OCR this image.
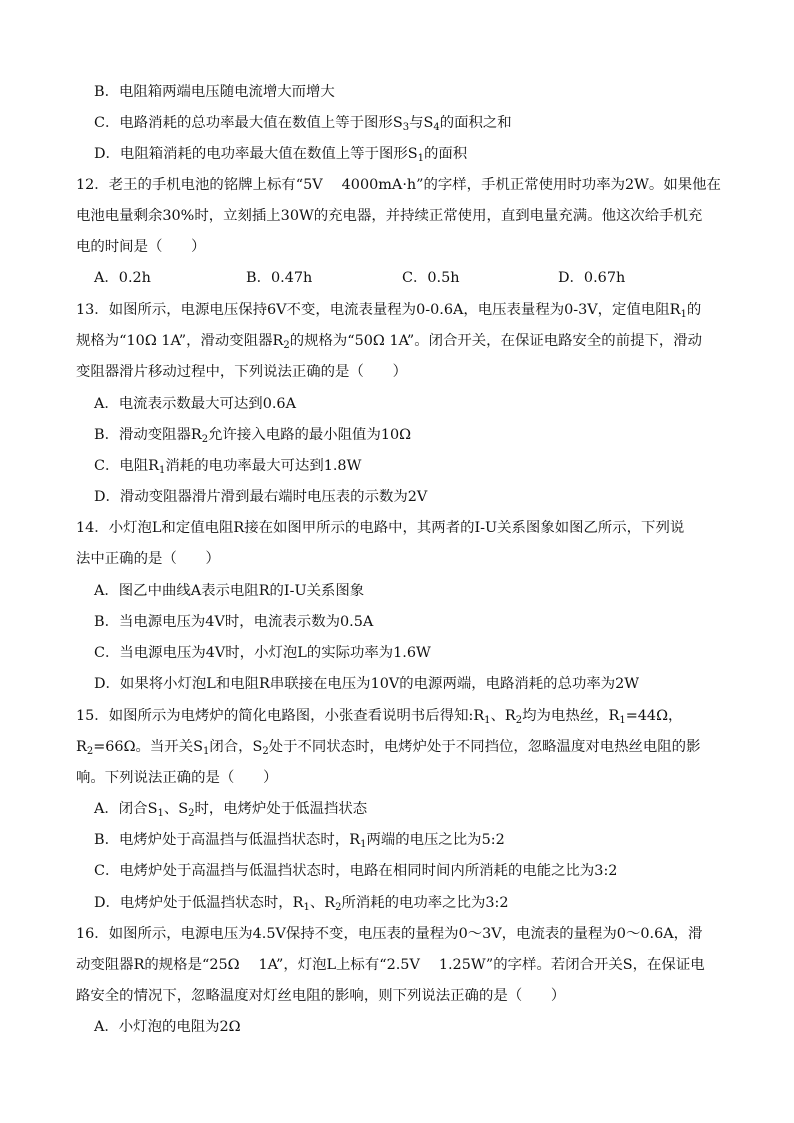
B．电阻箱两端电压随电流增大而增大
C．电路消耗的总功率最大值在数值上等于图形$S_3$与$S_4$的面积之和
D．电阻箱消耗的电功率最大值在数值上等于图形$S_1$的面积
12．老王的手机电池的铭牌上标有“5V　 4000mA·h”的字样，手机正常使用时功率为2W。如果他在
电池电量剩余30%时，立刻插上30W的充电器，并持续正常使用，直到电量充满。他这次给手机充
电的时间是（　　）
13．如图所示，电源电压保持6V不变，电流表量程为0-0.6A，电压表量程为0-3V，定值电阻$R_1$的
规格为“10Ω 1A”，滑动变阻器$R_2$的规格为“50Ω 1A”。闭合开关，在保证电路安全的前提下，滑动
变阻器滑片移动过程中，下列说法正确的是（　　）
A．电流表示数最大可达到0.6A
B．滑动变阻器$R_2$允许接入电路的最小阻值为10Ω
C．电阻$R_1$消耗的电功率最大可达到1.8W
D．滑动变阻器滑片滑到最右端时电压表的示数为2V
14．小灯泡L和定值电阻R接在如图甲所示的电路中，其两者的I-U关系图象如图乙所示，下列说
法中正确的是（　　）
A．图乙中曲线A表示电阻R的I-U关系图象
B．当电源电压为4V时，电流表示数为0.5A
C．当电源电压为4V时，小灯泡L的实际功率为1.6W
D．如果将小灯泡L和电阻R串联接在电压为10V的电源两端，电路消耗的总功率为2W
15．如图所示为电烤炉的简化电路图，小张查看说明书后得知$:R_1$、$R_2$均为电热丝，$R_1=44\Omega$，
$R_2=66\Omega$。当开关$S_1$闭合，$S_2$处于不同状态时，电烤炉处于不同挡位，忽略温度对电热丝电阻的影
响。下列说法正确的是（　　）
A．闭合$S_1$、$S_2$时，电烤炉处于低温挡状态
B．电烤炉处于高温挡与低温挡状态时，$R_1$两端的电压之比为5:2
C．电烤炉处于高温挡与低温挡状态时，电路在相同时间内所消耗的电能之比为3:2
D．电烤炉处于低温挡状态时，$R_1$、$R_2$所消耗的电功率之比为3:2
16．如图所示，电源电压为4.5V保持不变，电压表的量程为0～3V，电流表的量程为0～0.6A，滑
动变阻器R的规格是“25Ω　 1A”，灯泡L上标有“2.5V　 1.25W”的字样。若闭合开关S，在保证电
路安全的情况下，忽略温度对灯丝电阻的影响，则下列说法正确的是（　　）
A．小灯泡的电阻为2Ω
A．0.2h	B．0.47h	C．0.5h	D．0.67h
